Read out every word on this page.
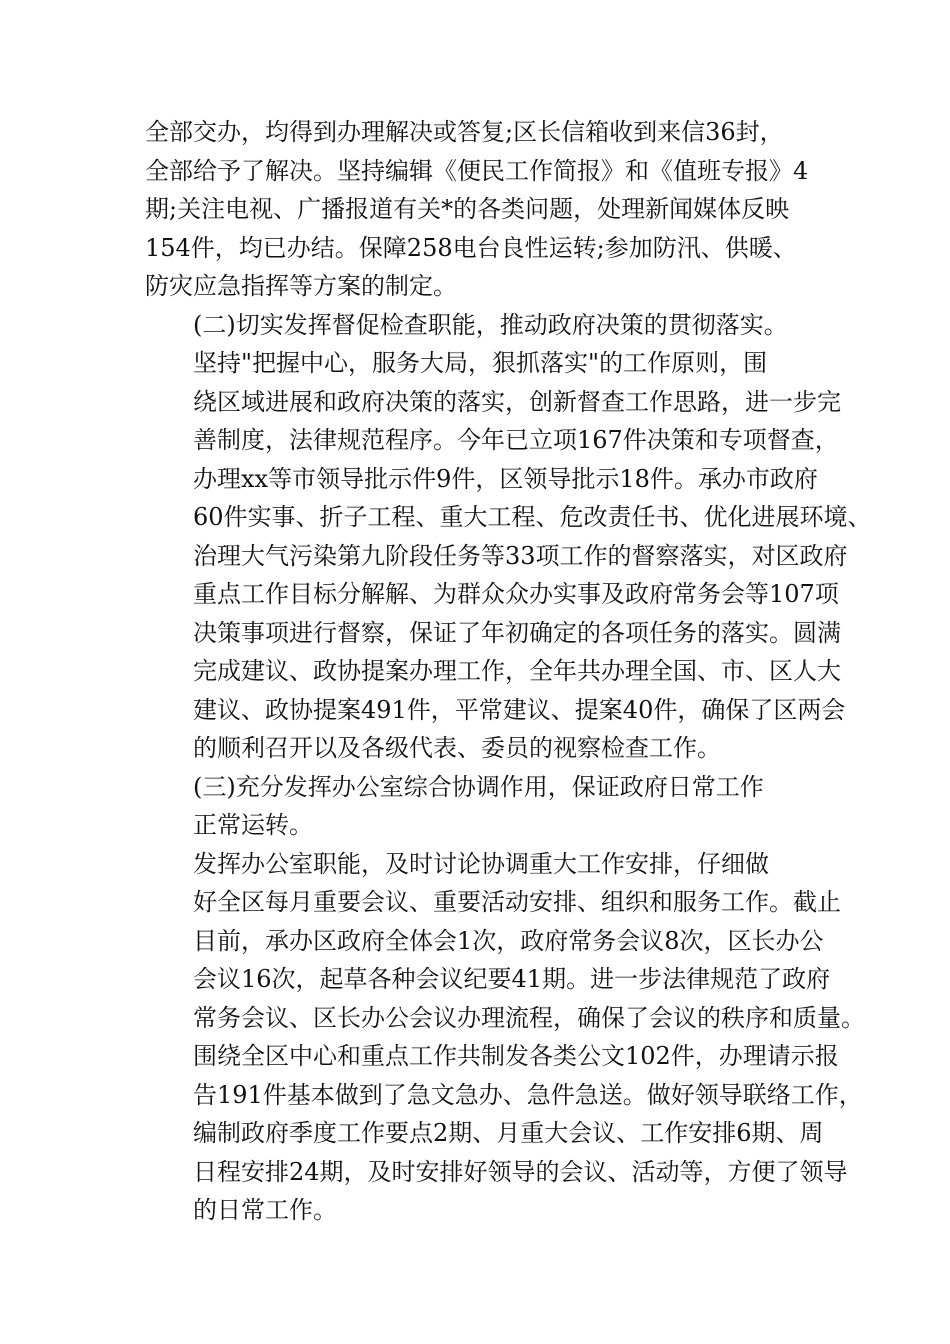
全部交办，均得到办理解决或答复;区长信箱收到来信36封，
全部给予了解决。坚持编辑《便民工作简报》和《值班专报》4
期;关注电视、广播报道有关*的各类问题，处理新闻媒体反映
154件，均已办结。保障258电台良性运转;参加防汛、供暖、
防灾应急指挥等方案的制定。

(二)切实发挥督促检查职能，推动政府决策的贯彻落实。

坚持"把握中心，服务大局，狠抓落实"的工作原则，围
绕区域进展和政府决策的落实，创新督查工作思路，进一步完
善制度，法律规范程序。今年已立项167件决策和专项督查，
办理xx等市领导批示件9件，区领导批示18件。承办市政府
60件实事、折子工程、重大工程、危改责任书、优化进展环境、
治理大气污染第九阶段任务等33项工作的督察落实，对区政府
重点工作目标分解解、为群众众办实事及政府常务会等107项
决策事项进行督察，保证了年初确定的各项任务的落实。圆满
完成建议、政协提案办理工作，全年共办理全国、市、区人大
建议、政协提案491件，平常建议、提案40件，确保了区两会
的顺利召开以及各级代表、委员的视察检查工作。

(三)充分发挥办公室综合协调作用，保证政府日常工作
正常运转。

发挥办公室职能，及时讨论协调重大工作安排，仔细做
好全区每月重要会议、重要活动安排、组织和服务工作。截止
目前，承办区政府全体会1次，政府常务会议8次，区长办公
会议16次，起草各种会议纪要41期。进一步法律规范了政府
常务会议、区长办公会议办理流程，确保了会议的秩序和质量。
围绕全区中心和重点工作共制发各类公文102件，办理请示报
告191件基本做到了急文急办、急件急送。做好领导联络工作，
编制政府季度工作要点2期、月重大会议、工作安排6期、周
日程安排24期，及时安排好领导的会议、活动等，方便了领导
的日常工作。
